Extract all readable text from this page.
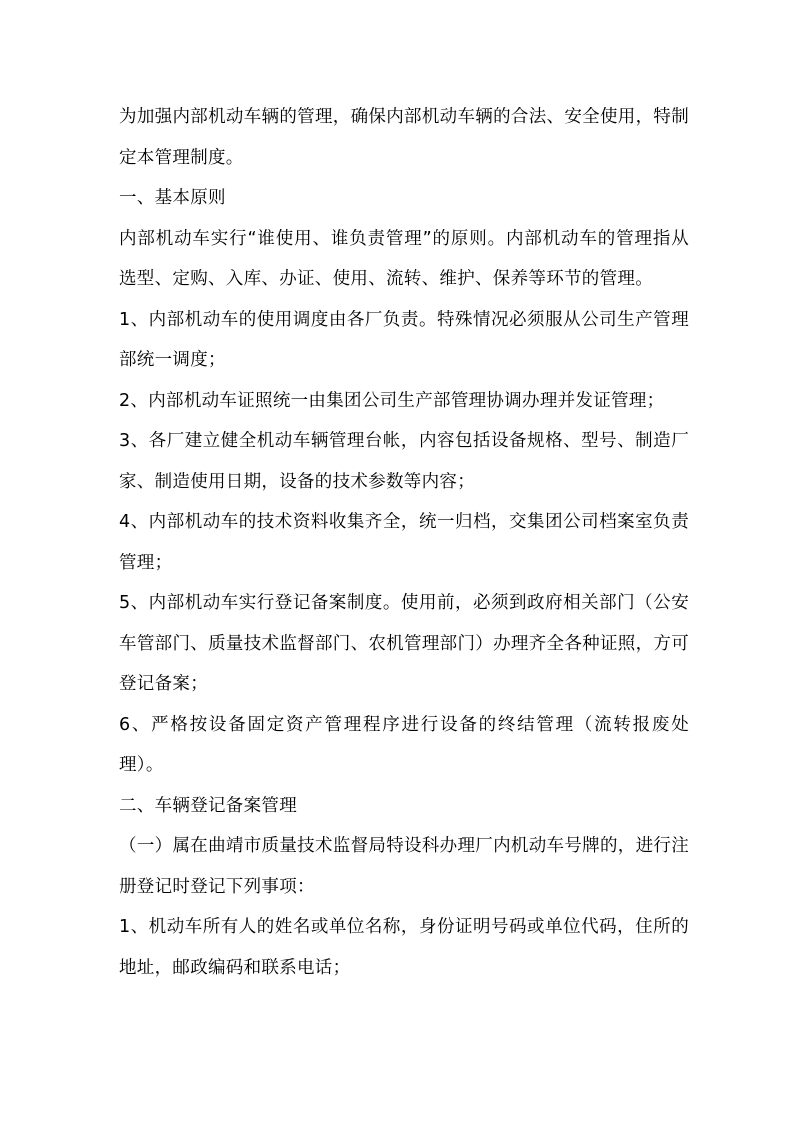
为加强内部机动车辆的管理，确保内部机动车辆的合法、安全使用，特制定本管理制度。

一、基本原则

内部机动车实行“谁使用、谁负责管理”的原则。内部机动车的管理指从选型、定购、入库、办证、使用、流转、维护、保养等环节的管理。

1、内部机动车的使用调度由各厂负责。特殊情况必须服从公司生产管理部统一调度；

2、内部机动车证照统一由集团公司生产部管理协调办理并发证管理；

3、各厂建立健全机动车辆管理台帐，内容包括设备规格、型号、制造厂家、制造使用日期，设备的技术参数等内容；

4、内部机动车的技术资料收集齐全，统一归档，交集团公司档案室负责管理；

5、内部机动车实行登记备案制度。使用前，必须到政府相关部门（公安车管部门、质量技术监督部门、农机管理部门）办理齐全各种证照，方可登记备案；

6、严格按设备固定资产管理程序进行设备的终结管理（流转报废处理）。

二、车辆登记备案管理

（一）属在曲靖市质量技术监督局特设科办理厂内机动车号牌的，进行注册登记时登记下列事项：

1、机动车所有人的姓名或单位名称，身份证明号码或单位代码，住所的地址，邮政编码和联系电话；
